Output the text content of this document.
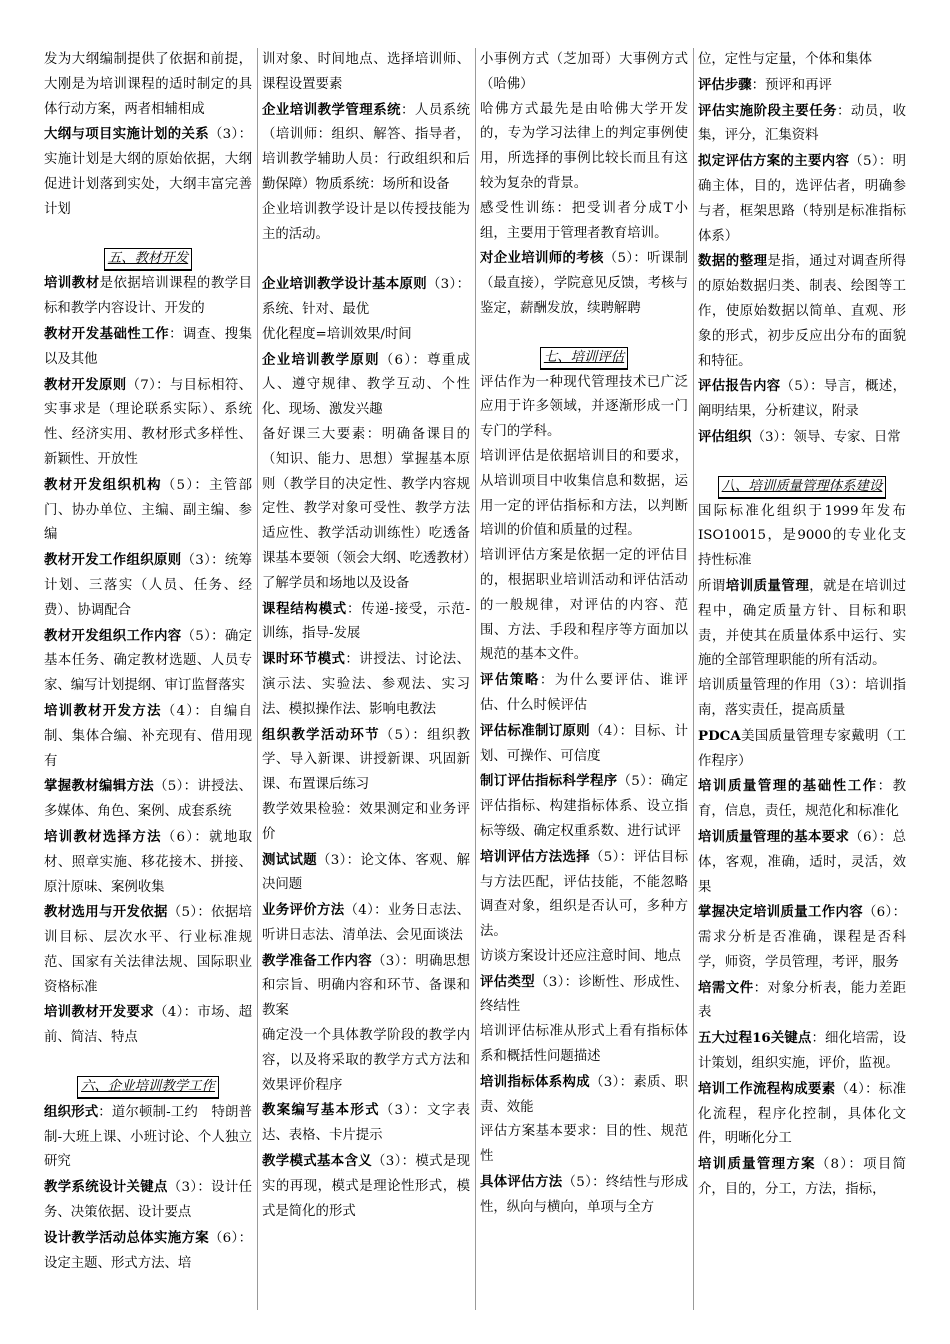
发为大纲编制提供了依据和前提，大刚是为培训课程的适时制定的具体行动方案，两者相辅相成

大纲与项目实施计划的关系（3）：实施计划是大纲的原始依据，大纲促进计划落到实处，大纲丰富完善计划

五、教材开发

培训教材是依据培训课程的教学目标和教学内容设计、开发的

教材开发基础性工作：调查、搜集以及其他

教材开发原则（7）：与目标相符、实事求是（理论联系实际）、系统性、经济实用、教材形式多样性、新颖性、开放性

教材开发组织机构（5）：主管部门、协办单位、主编、副主编、参编

教材开发工作组织原则（3）：统筹计划、三落实（人员、任务、经费）、协调配合

教材开发组织工作内容（5）：确定基本任务、确定教材选题、人员专家、编写计划提纲、审订监督落实

培训教材开发方法（4）：自编自制、集体合编、补充现有、借用现有

掌握教材编辑方法（5）：讲授法、多媒体、角色、案例、成套系统

培训教材选择方法（6）：就地取材、照章实施、移花接木、拼接、原汁原味、案例收集

教材选用与开发依据（5）：依据培训目标、层次水平、行业标准规范、国家有关法律法规、国际职业资格标准

培训教材开发要求（4）：市场、超前、简洁、特点

六、企业培训教学工作

组织形式：道尔顿制-工约　特朗普制-大班上课、小班讨论、个人独立研究

教学系统设计关键点（3）：设计任务、决策依据、设计要点

设计教学活动总体实施方案（6）：设定主题、形式方法、培

训对象、时间地点、选择培训师、课程设置要素

企业培训教学管理系统：人员系统（培训师：组织、解答、指导者，培训教学辅助人员：行政组织和后勤保障）物质系统：场所和设备

企业培训教学设计是以传授技能为主的活动。

企业培训教学设计基本原则（3）：系统、针对、最优

优化程度=培训效果/时间

企业培训教学原则（6）：尊重成人、遵守规律、教学互动、个性化、现场、激发兴趣

备好课三大要素：明确备课目的（知识、能力、思想）掌握基本原则（教学目的决定性、教学内容规定性、教学对象可受性、教学方法适应性、教学活动训练性）吃透备课基本要领（领会大纲、吃透教材）了解学员和场地以及设备

课程结构模式：传递-接受，示范-训练，指导-发展

课时环节模式：讲授法、讨论法、演示法、实验法、参观法、实习法、模拟操作法、影响电教法

组织教学活动环节（5）：组织教学、导入新课、讲授新课、巩固新课、布置课后练习

教学效果检验：效果测定和业务评价

测试试题（3）：论文体、客观、解决问题

业务评价方法（4）：业务日志法、听讲日志法、清单法、会见面谈法

教学准备工作内容（3）：明确思想和宗旨、明确内容和环节、备课和教案

确定没一个具体教学阶段的教学内容，以及将采取的教学方式方法和效果评价程序

教案编写基本形式（3）：文字表达、表格、卡片提示

教学模式基本含义（3）：模式是现实的再现，模式是理论性形式，模式是简化的形式

小事例方式（芝加哥）大事例方式（哈佛）

哈佛方式最先是由哈佛大学开发的，专为学习法律上的判定事例使用，所选择的事例比较长而且有这较为复杂的背景。

感受性训练：把受训者分成T小组，主要用于管理者教育培训。

对企业培训师的考核（5）：听课制（最直接），学院意见反馈，考核与鉴定，薪酬发放，续聘解聘

七、培训评估

评估作为一种现代管理技术已广泛应用于许多领域，并逐渐形成一门专门的学科。

培训评估是依据培训目的和要求，从培训项目中收集信息和数据，运用一定的评估指标和方法，以判断培训的价值和质量的过程。

培训评估方案是依据一定的评估目的，根据职业培训活动和评估活动的一般规律，对评估的内容、范围、方法、手段和程序等方面加以规范的基本文件。

评估策略：为什么要评估、谁评估、什么时候评估

评估标准制订原则（4）：目标、计划、可操作、可信度

制订评估指标科学程序（5）：确定评估指标、构建指标体系、设立指标等级、确定权重系数、进行试评

培训评估方法选择（5）：评估目标与方法匹配，评估技能，不能忽略调查对象，组织是否认可，多种方法。

访谈方案设计还应注意时间、地点

评估类型（3）：诊断性、形成性、终结性

培训评估标准从形式上看有指标体系和概括性问题描述

培训指标体系构成（3）：素质、职责、效能

评估方案基本要求：目的性、规范性

具体评估方法（5）：终结性与形成性，纵向与横向，单项与全方

位，定性与定量，个体和集体

评估步骤：预评和再评

评估实施阶段主要任务：动员，收集，评分，汇集资料

拟定评估方案的主要内容（5）：明确主体，目的，选评估者，明确参与者，框架思路（特别是标准指标体系）

数据的整理是指，通过对调查所得的原始数据归类、制表、绘图等工作，使原始数据以简单、直观、形象的形式，初步反应出分布的面貌和特征。

评估报告内容（5）：导言，概述，阐明结果，分析建议，附录

评估组织（3）：领导、专家、日常

八、培训质量管理体系建设

国际标准化组织于1999年发布ISO10015，是9000的专业化支持性标准

所谓培训质量管理，就是在培训过程中，确定质量方针、目标和职责，并使其在质量体系中运行、实施的全部管理职能的所有活动。

培训质量管理的作用（3）：培训指南，落实责任，提高质量

PDCA美国质量管理专家戴明（工作程序）

培训质量管理的基础性工作：教育，信息，责任，规范化和标准化

培训质量管理的基本要求（6）：总体，客观，准确，适时，灵活，效果

掌握决定培训质量工作内容（6）：需求分析是否准确，课程是否科学，师资，学员管理，考评，服务

培需文件：对象分析表，能力差距表

五大过程16关键点：细化培需，设计策划，组织实施，评价，监视。

培训工作流程构成要素（4）：标准化流程，程序化控制，具体化文件，明晰化分工

培训质量管理方案（8）：项目简介，目的，分工，方法，指标，
